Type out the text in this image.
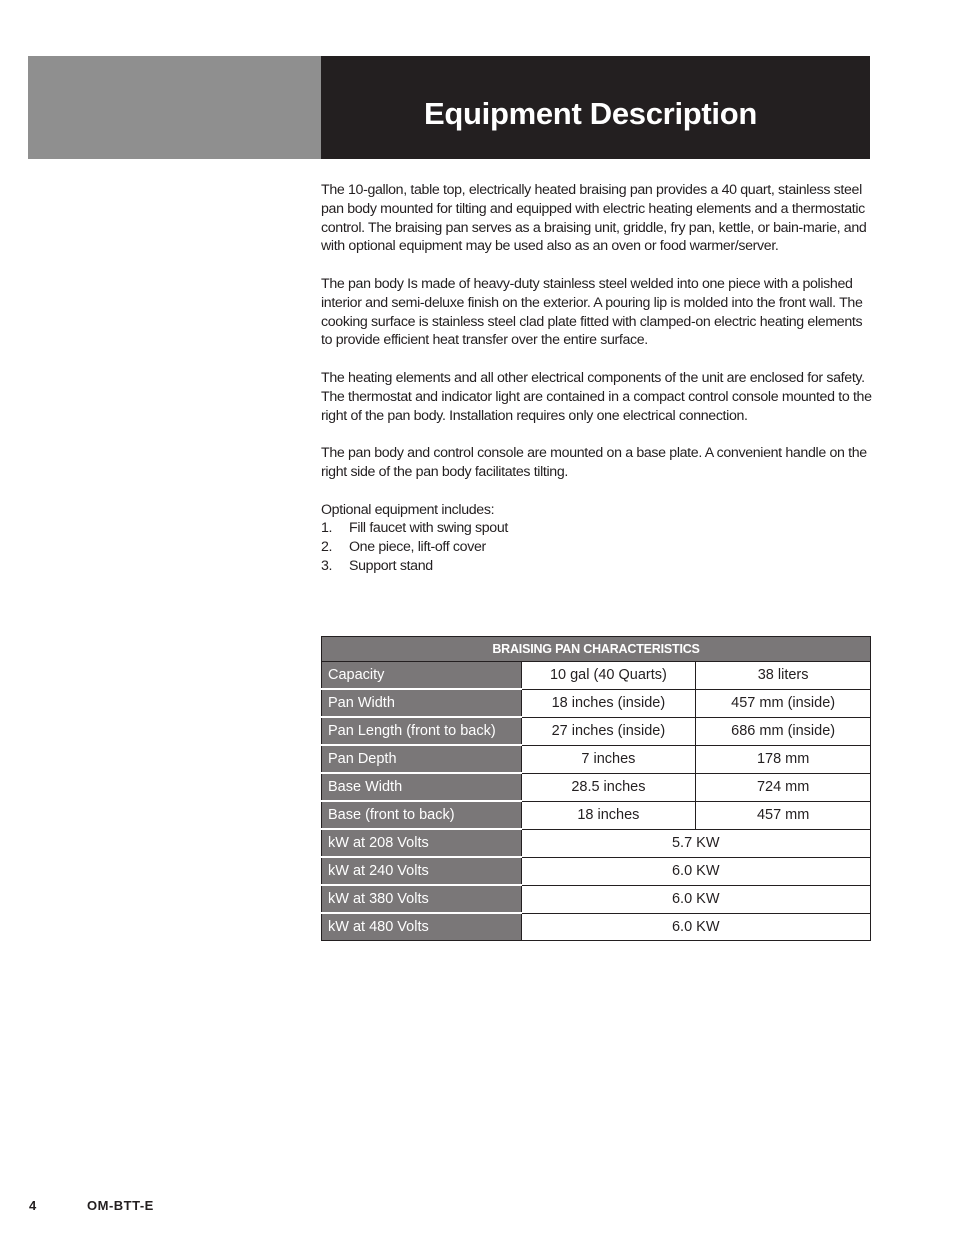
Equipment Description

The 10-gallon, table top, electrically heated braising pan provides a 40 quart, stainless steel pan body mounted for tilting and equipped with electric heating elements and a thermostatic control. The braising pan serves as a braising unit, griddle, fry pan, kettle, or bain-marie, and with optional equipment may be used also as an oven or food warmer/server.

The pan body Is made of heavy-duty stainless steel welded into one piece with a polished interior and semi-deluxe finish on the exterior. A pouring lip is molded into the front wall. The cooking surface is stainless steel clad plate fitted with clamped-on electric heating elements to provide efficient heat transfer over the entire surface.

The heating elements and all other electrical components of the unit are enclosed for safety. The thermostat and indicator light are contained in a compact control console mounted to the right of the pan body. Installation requires only one electrical connection.

The pan body and control console are mounted on a base plate. A convenient handle on the right side of the pan body facilitates tilting.

Optional equipment includes:
1.	Fill faucet with swing spout
2.	One piece, lift-off cover
3.	Support stand
BRAISING PAN CHARACTERISTICS		
Capacity	10 gal (40 Quarts)	38 liters
Pan Width	18 inches (inside)	457 mm (inside)
Pan Length (front to back)	27 inches (inside)	686 mm (inside)
Pan Depth	7 inches	178 mm
Base Width	28.5 inches	724 mm
Base (front to back)	18 inches	457 mm
kW at 208 Volts	5.7 KW	
kW at 240 Volts	6.0 KW	
kW at 380 Volts	6.0 KW	
kW at 480 Volts	6.0 KW	
4	OM-BTT-E
